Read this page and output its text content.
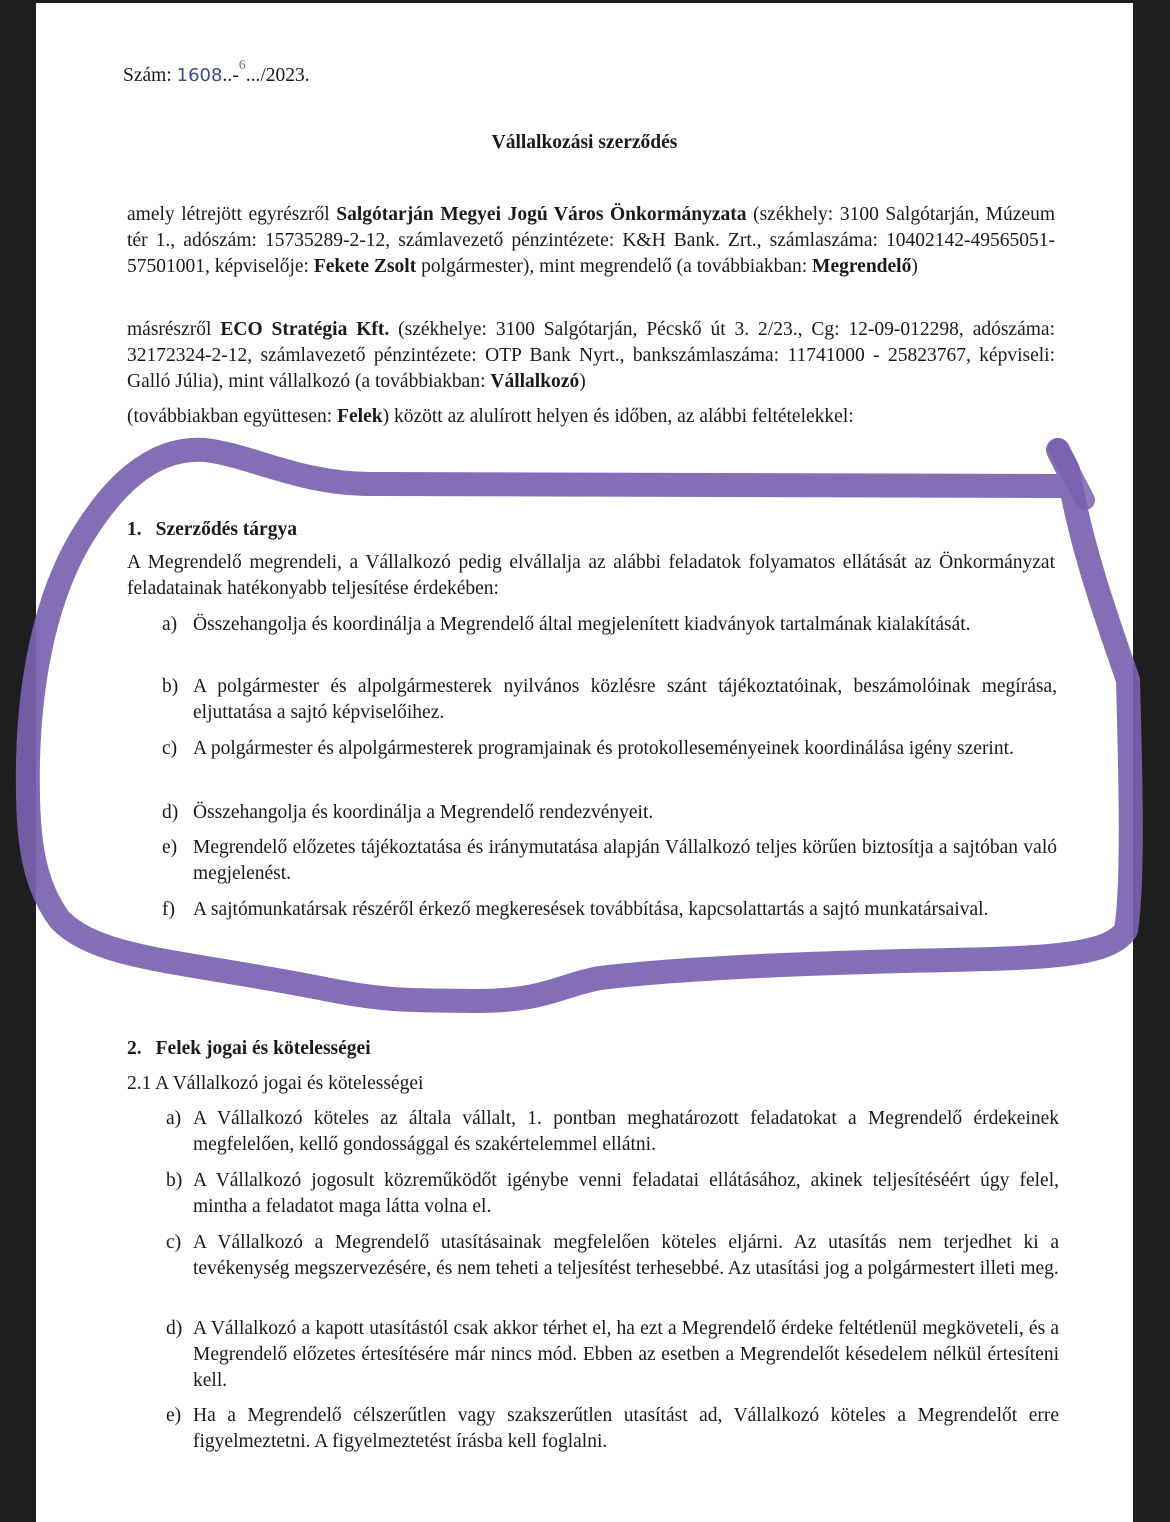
Szám: 1608..-$^6$.../2023.
Vállalkozási szerződés
amely létrejött egyrészről Salgótarján Megyei Jogú Város Önkormányzata (székhely: 3100 Salgótarján, Múzeum tér 1., adószám: 15735289-2-12, számlavezető pénzintézete: K&H Bank. Zrt., számlaszáma: 10402142-49565051-57501001, képviselője: Fekete Zsolt polgármester), mint megrendelő (a továbbiakban: Megrendelő)
másrészről ECO Stratégia Kft. (székhelye: 3100 Salgótarján, Pécskő út 3. 2/23., Cg: 12-09-012298, adószáma: 32172324-2-12, számlavezető pénzintézete: OTP Bank Nyrt., bankszámlaszáma: 11741000 - 25823767, képviseli: Galló Júlia), mint vállalkozó (a továbbiakban: Vállalkozó)
(továbbiakban együttesen: Felek) között az alulírott helyen és időben, az alábbi feltételekkel:
1. Szerződés tárgya
A Megrendelő megrendeli, a Vállalkozó pedig elvállalja az alábbi feladatok folyamatos ellátását az Önkormányzat feladatainak hatékonyabb teljesítése érdekében:
a) Összehangolja és koordinálja a Megrendelő által megjelenített kiadványok tartalmának kialakítását.
b) A polgármester és alpolgármesterek nyilvános közlésre szánt tájékoztatóinak, beszámolóinak megírása, eljuttatása a sajtó képviselőihez.
c) A polgármester és alpolgármesterek programjainak és protokolleseményeinek koordinálása igény szerint.
d) Összehangolja és koordinálja a Megrendelő rendezvényeit.
e) Megrendelő előzetes tájékoztatása és iránymutatása alapján Vállalkozó teljes körűen biztosítja a sajtóban való megjelenést.
f) A sajtómunkatársak részéről érkező megkeresések továbbítása, kapcsolattartás a sajtó munkatársaival.
2. Felek jogai és kötelességei
2.1 A Vállalkozó jogai és kötelességei
a) A Vállalkozó köteles az általa vállalt, 1. pontban meghatározott feladatokat a Megrendelő érdekeinek megfelelően, kellő gondossággal és szakértelemmel ellátni.
b) A Vállalkozó jogosult közreműködőt igénybe venni feladatai ellátásához, akinek teljesítéséért úgy felel, mintha a feladatot maga látta volna el.
c) A Vállalkozó a Megrendelő utasításainak megfelelően köteles eljárni. Az utasítás nem terjedhet ki a tevékenység megszervezésére, és nem teheti a teljesítést terhesebbé. Az utasítási jog a polgármestert illeti meg.
d) A Vállalkozó a kapott utasítástól csak akkor térhet el, ha ezt a Megrendelő érdeke feltétlenül megköveteli, és a Megrendelő előzetes értesítésére már nincs mód. Ebben az esetben a Megrendelőt késedelem nélkül értesíteni kell.
e) Ha a Megrendelő célszerűtlen vagy szakszerűtlen utasítást ad, Vállalkozó köteles a Megrendelőt erre figyelmeztetni. A figyelmeztetést írásba kell foglalni.
